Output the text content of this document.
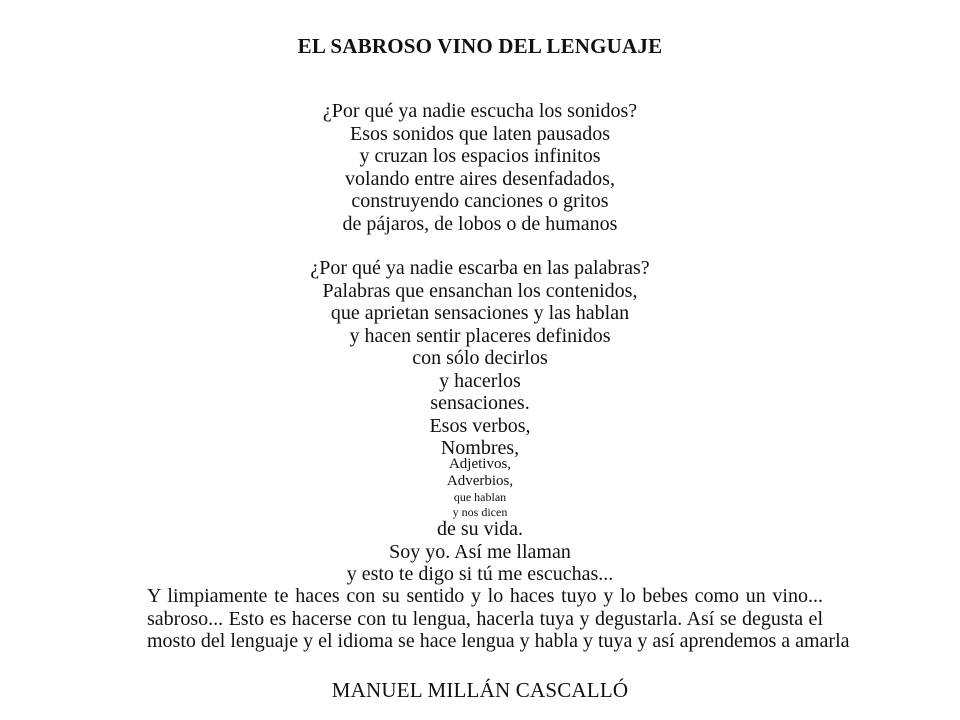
EL SABROSO VINO DEL LENGUAJE
¿Por qué ya nadie escucha los sonidos?
Esos sonidos que laten pausados
y cruzan los espacios infinitos
volando entre aires desenfadados,
construyendo canciones o gritos
de pájaros, de lobos o de humanos
¿Por qué ya nadie escarba en las palabras?
Palabras que ensanchan los contenidos,
que aprietan sensaciones y las hablan
y hacen sentir placeres definidos
con sólo decirlos
y hacerlos
sensaciones.
Esos verbos,
Nombres,
Adjetivos,
Adverbios,
que hablan
y nos dicen
de su vida.
Soy yo. Así me llaman
y esto te digo si tú me escuchas...
Y limpiamente te haces con su sentido y lo haces tuyo y lo bebes como un vino...
sabroso... Esto es hacerse con tu lengua, hacerla tuya y degustarla. Así se degusta el
mosto del lenguaje y el idioma se hace lengua y habla y tuya y así aprendemos a amarla
MANUEL MILLÁN CASCALLÓ
